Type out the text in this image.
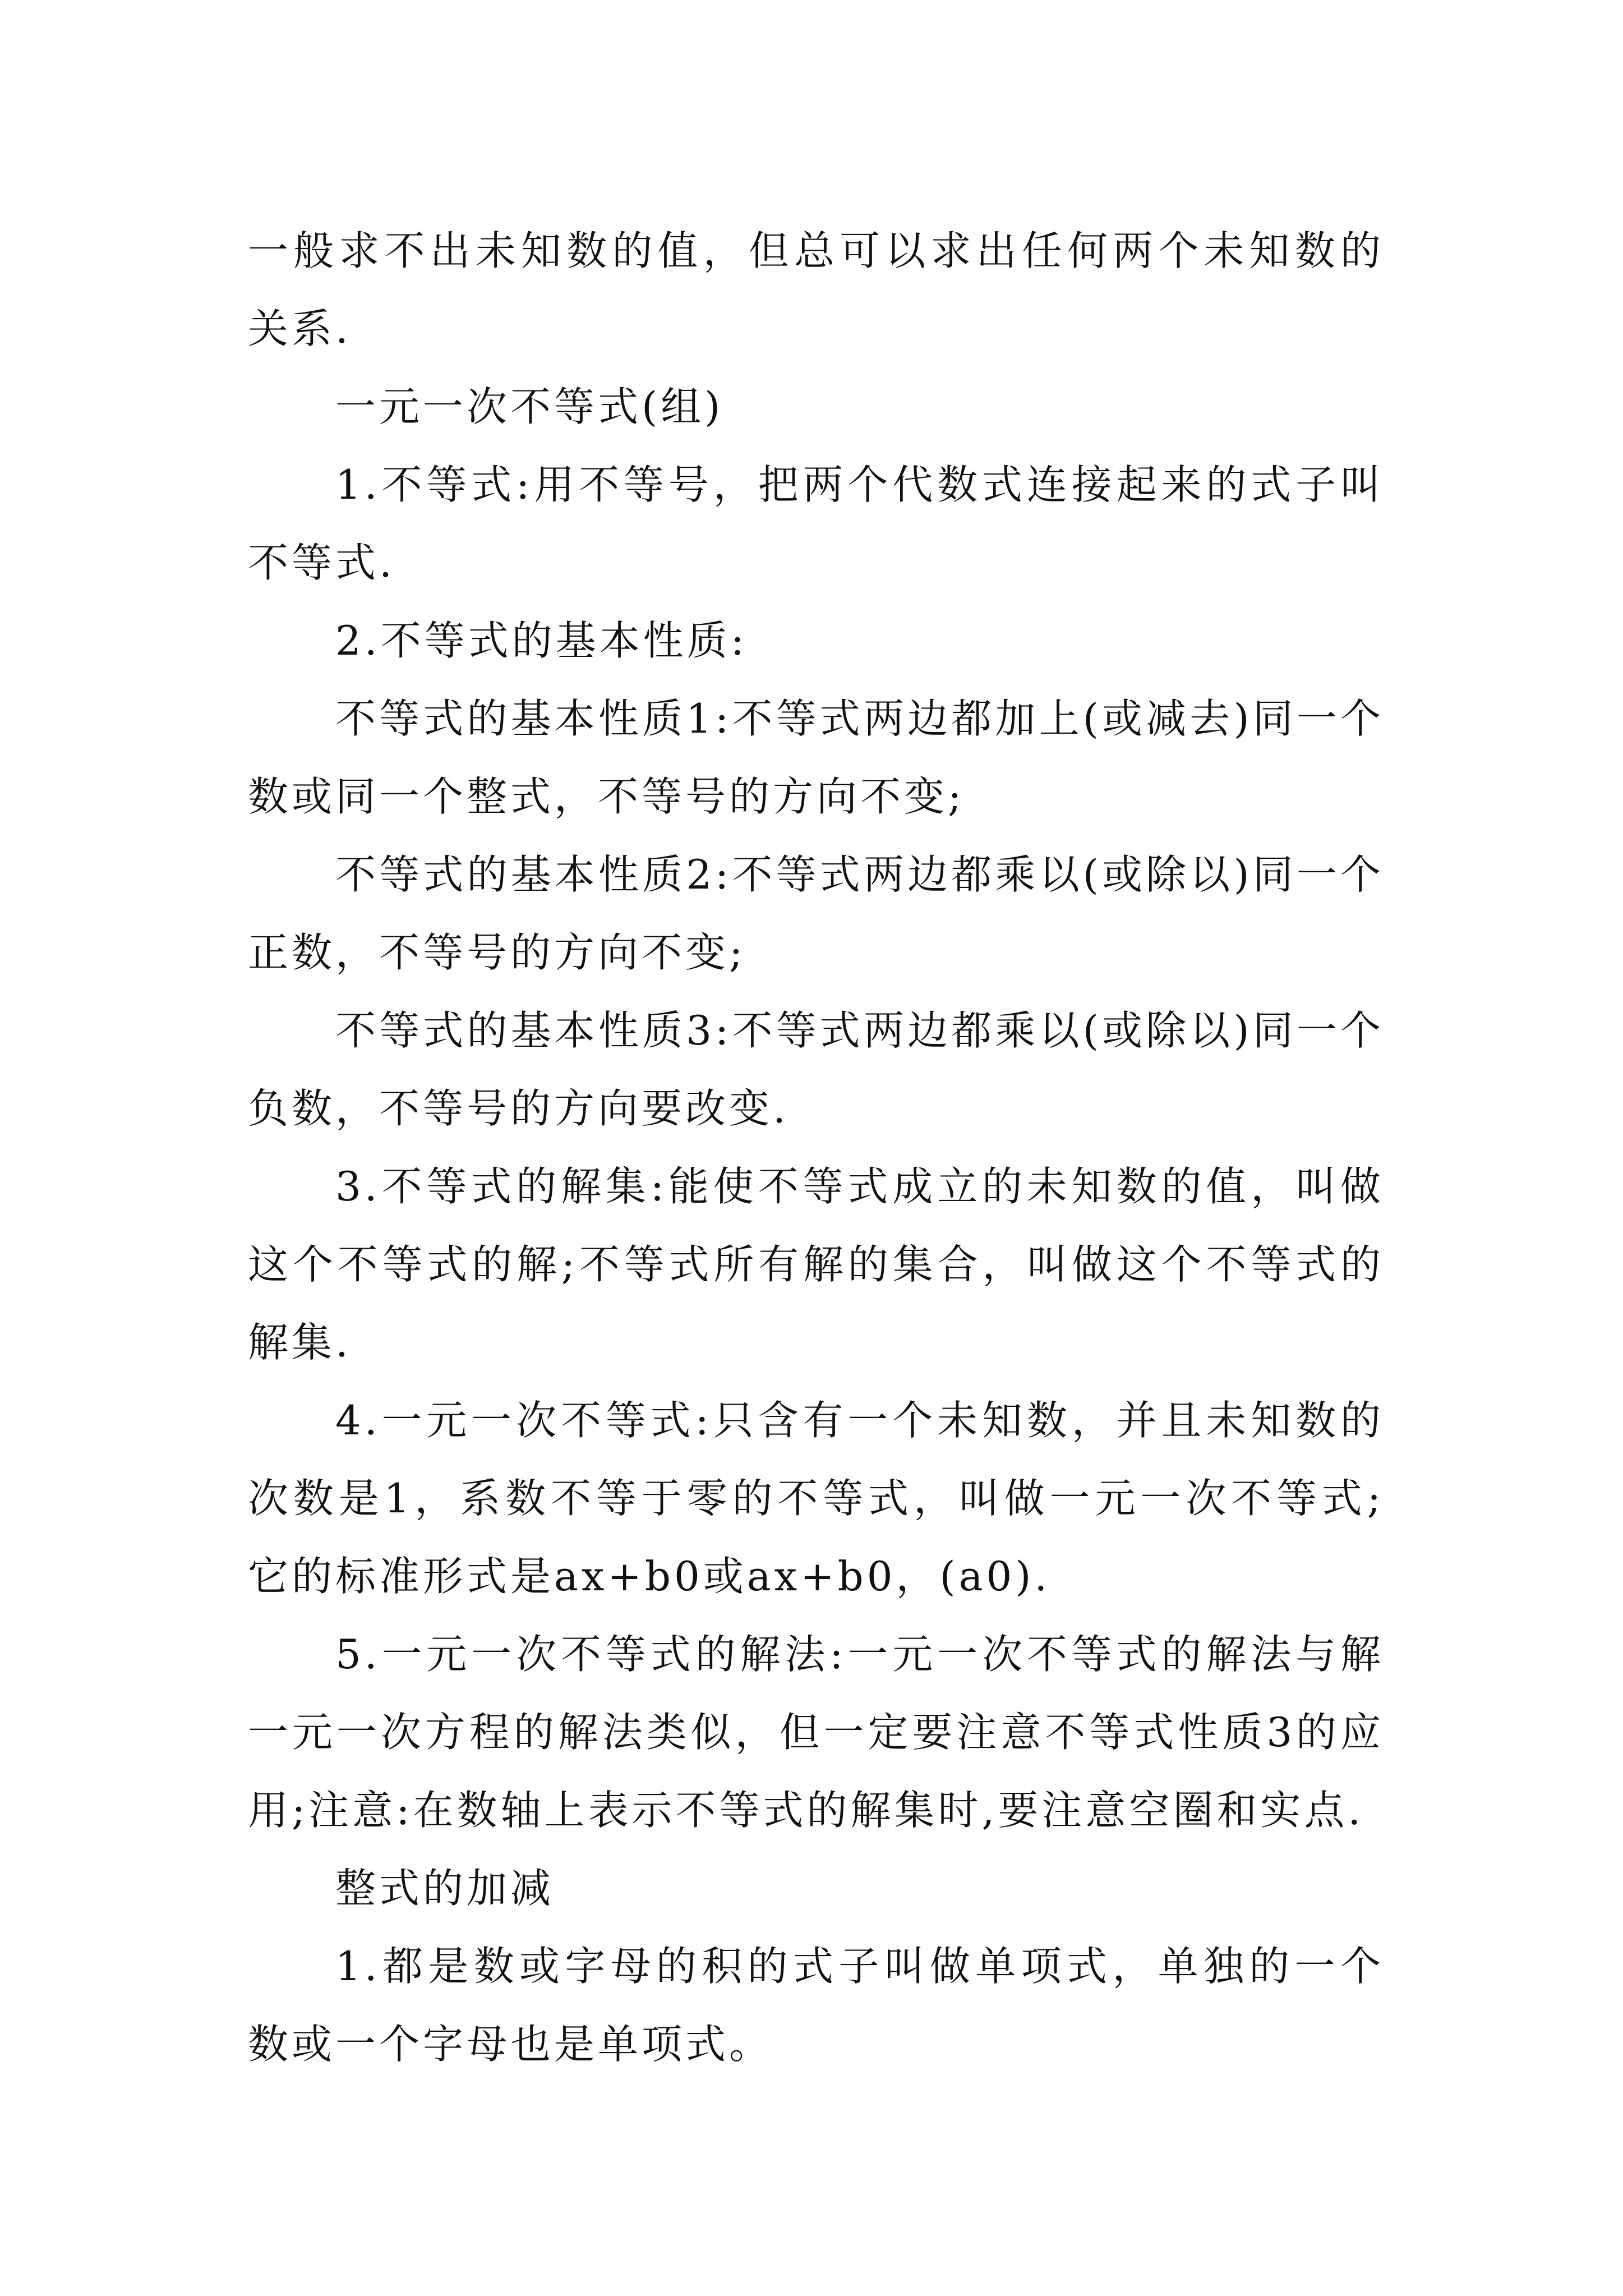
一般求不出未知数的值，但总可以求出任何两个未知数的关系.

一元一次不等式(组)

1.不等式:用不等号，把两个代数式连接起来的式子叫不等式.

2.不等式的基本性质:

不等式的基本性质1:不等式两边都加上(或减去)同一个数或同一个整式，不等号的方向不变;

不等式的基本性质2:不等式两边都乘以(或除以)同一个正数，不等号的方向不变;

不等式的基本性质3:不等式两边都乘以(或除以)同一个负数，不等号的方向要改变.

3.不等式的解集:能使不等式成立的未知数的值，叫做这个不等式的解;不等式所有解的集合，叫做这个不等式的解集.

4.一元一次不等式:只含有一个未知数，并且未知数的次数是1，系数不等于零的不等式，叫做一元一次不等式;它的标准形式是ax+b0或ax+b0，(a0).

5.一元一次不等式的解法:一元一次不等式的解法与解一元一次方程的解法类似，但一定要注意不等式性质3的应用;注意:在数轴上表示不等式的解集时,要注意空圈和实点.

整式的加减

1.都是数或字母的积的式子叫做单项式，单独的一个数或一个字母也是单项式。
